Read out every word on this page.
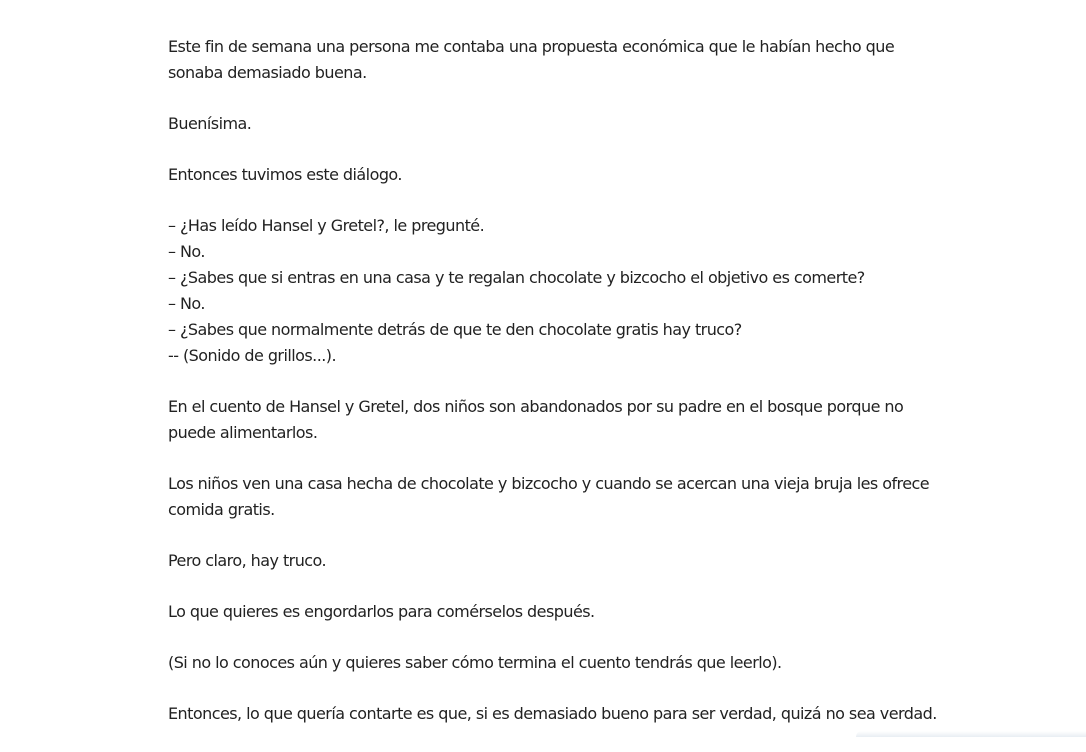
Este fin de semana una persona me contaba una propuesta económica que le habían hecho que sonaba demasiado buena.

Buenísima.

Entonces tuvimos este diálogo.

– ¿Has leído Hansel y Gretel?, le pregunté.
– No.
– ¿Sabes que si entras en una casa y te regalan chocolate y bizcocho el objetivo es comerte?
– No.
– ¿Sabes que normalmente detrás de que te den chocolate gratis hay truco?
-- (Sonido de grillos...).

En el cuento de Hansel y Gretel, dos niños son abandonados por su padre en el bosque porque no puede alimentarlos.

Los niños ven una casa hecha de chocolate y bizcocho y cuando se acercan una vieja bruja les ofrece comida gratis.

Pero claro, hay truco.

Lo que quieres es engordarlos para comérselos después.

(Si no lo conoces aún y quieres saber cómo termina el cuento tendrás que leerlo).

Entonces, lo que quería contarte es que, si es demasiado bueno para ser verdad, quizá no sea verdad.
